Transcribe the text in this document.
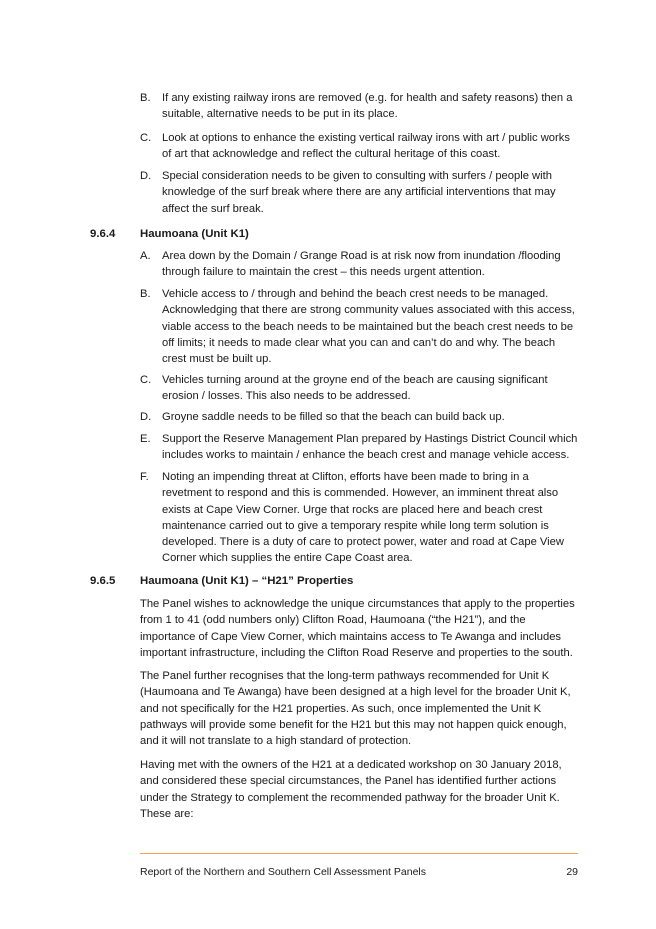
B. If any existing railway irons are removed (e.g. for health and safety reasons) then a suitable, alternative needs to be put in its place.
C. Look at options to enhance the existing vertical railway irons with art / public works of art that acknowledge and reflect the cultural heritage of this coast.
D. Special consideration needs to be given to consulting with surfers / people with knowledge of the surf break where there are any artificial interventions that may affect the surf break.
9.6.4 Haumoana (Unit K1)
A. Area down by the Domain / Grange Road is at risk now from inundation /flooding through failure to maintain the crest – this needs urgent attention.
B. Vehicle access to / through and behind the beach crest needs to be managed. Acknowledging that there are strong community values associated with this access, viable access to the beach needs to be maintained but the beach crest needs to be off limits; it needs to made clear what you can and can’t do and why. The beach crest must be built up.
C. Vehicles turning around at the groyne end of the beach are causing significant erosion / losses. This also needs to be addressed.
D. Groyne saddle needs to be filled so that the beach can build back up.
E. Support the Reserve Management Plan prepared by Hastings District Council which includes works to maintain / enhance the beach crest and manage vehicle access.
F. Noting an impending threat at Clifton, efforts have been made to bring in a revetment to respond and this is commended. However, an imminent threat also exists at Cape View Corner. Urge that rocks are placed here and beach crest maintenance carried out to give a temporary respite while long term solution is developed. There is a duty of care to protect power, water and road at Cape View Corner which supplies the entire Cape Coast area.
9.6.5 Haumoana (Unit K1) – “H21” Properties
The Panel wishes to acknowledge the unique circumstances that apply to the properties from 1 to 41 (odd numbers only) Clifton Road, Haumoana (“the H21”), and the importance of Cape View Corner, which maintains access to Te Awanga and includes important infrastructure, including the Clifton Road Reserve and properties to the south.
The Panel further recognises that the long-term pathways recommended for Unit K (Haumoana and Te Awanga) have been designed at a high level for the broader Unit K, and not specifically for the H21 properties. As such, once implemented the Unit K pathways will provide some benefit for the H21 but this may not happen quick enough, and it will not translate to a high standard of protection.
Having met with the owners of the H21 at a dedicated workshop on 30 January 2018, and considered these special circumstances, the Panel has identified further actions under the Strategy to complement the recommended pathway for the broader Unit K. These are:
Report of the Northern and Southern Cell Assessment Panels	29
